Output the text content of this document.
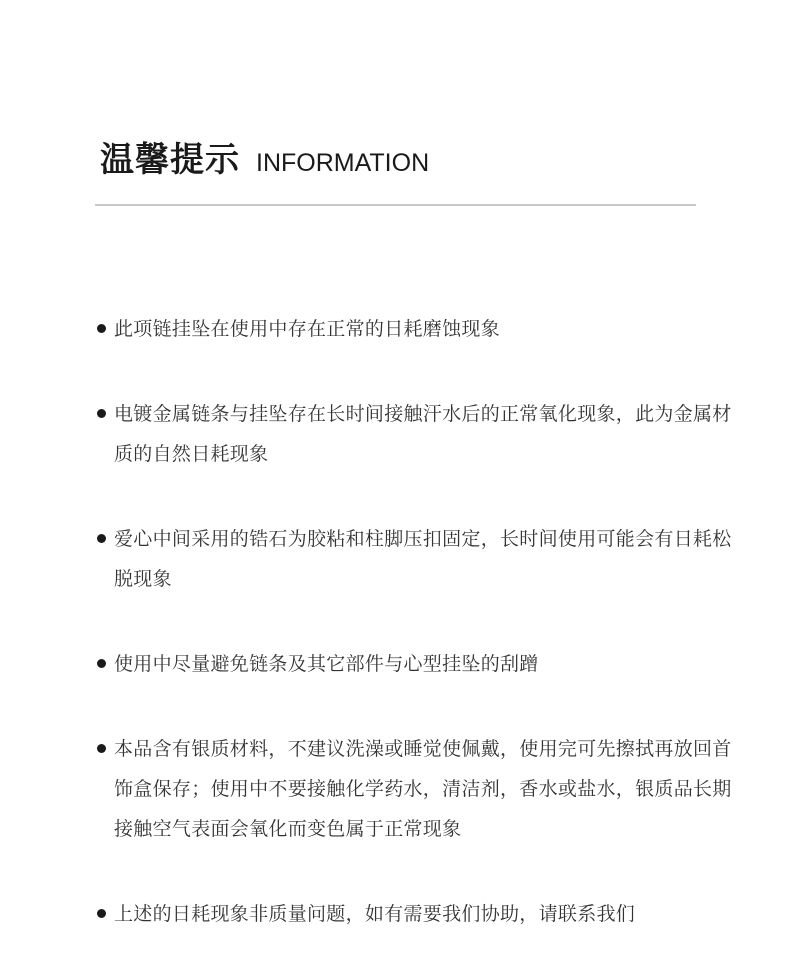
温馨提示 INFORMATION
此项链挂坠在使用中存在正常的日耗磨蚀现象
电镀金属链条与挂坠存在长时间接触汗水后的正常氧化现象，此为金属材质的自然日耗现象
爱心中间采用的锆石为胶粘和柱脚压扣固定，长时间使用可能会有日耗松脱现象
使用中尽量避免链条及其它部件与心型挂坠的刮蹭
本品含有银质材料，不建议洗澡或睡觉使佩戴，使用完可先擦拭再放回首饰盒保存；使用中不要接触化学药水，清洁剂，香水或盐水，银质品长期接触空气表面会氧化而变色属于正常现象
上述的日耗现象非质量问题，如有需要我们协助，请联系我们
